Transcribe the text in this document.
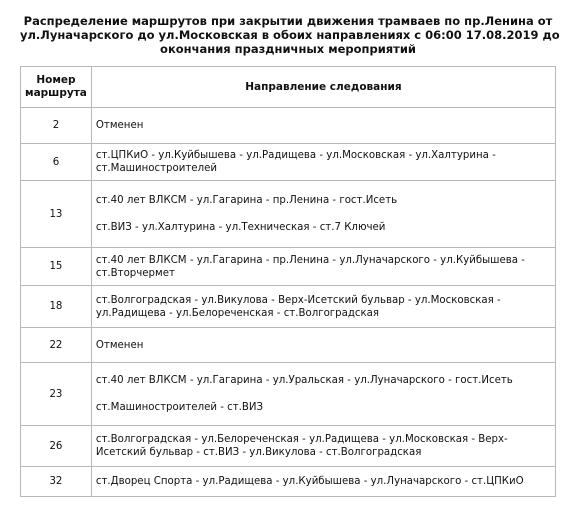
Распределение маршрутов при закрытии движения трамваев по пр.Ленина от
ул.Луначарского до ул.Московская в обоих направлениях с 06:00 17.08.2019 до
окончания праздничных мероприятий
Номер
маршрута	Направление следования
2	Отменен

6	ст.ЦПКиО - ул.Куйбышева - ул.Радищева - ул.Московская - ул.Халтурина - ст.Машиностроителей

13	ст.40 лет ВЛКСМ - ул.Гагарина - пр.Ленина - гост.Исеть
ст.ВИЗ - ул.Халтурина - ул.Техническая - ст.7 Ключей

15	ст.40 лет ВЛКСМ - ул.Гагарина - пр.Ленина - ул.Луначарского - ул.Куйбышева - ст.Вторчермет

18	ст.Волгоградская - ул.Викулова - Верх-Исетский бульвар - ул.Московская - ул.Радищева - ул.Белореченская - ст.Волгоградская

22	Отменен

23	ст.40 лет ВЛКСМ - ул.Гагарина - ул.Уральская - ул.Луначарского - гост.Исеть
ст.Машиностроителей - ст.ВИЗ

26	ст.Волгоградская - ул.Белореченская - ул.Радищева - ул.Московская - Верх-Исетский бульвар - ст.ВИЗ - ул.Викулова - ст.Волгоградская

32	ст.Дворец Спорта - ул.Радищева - ул.Куйбышева - ул.Луначарского - ст.ЦПКиО
